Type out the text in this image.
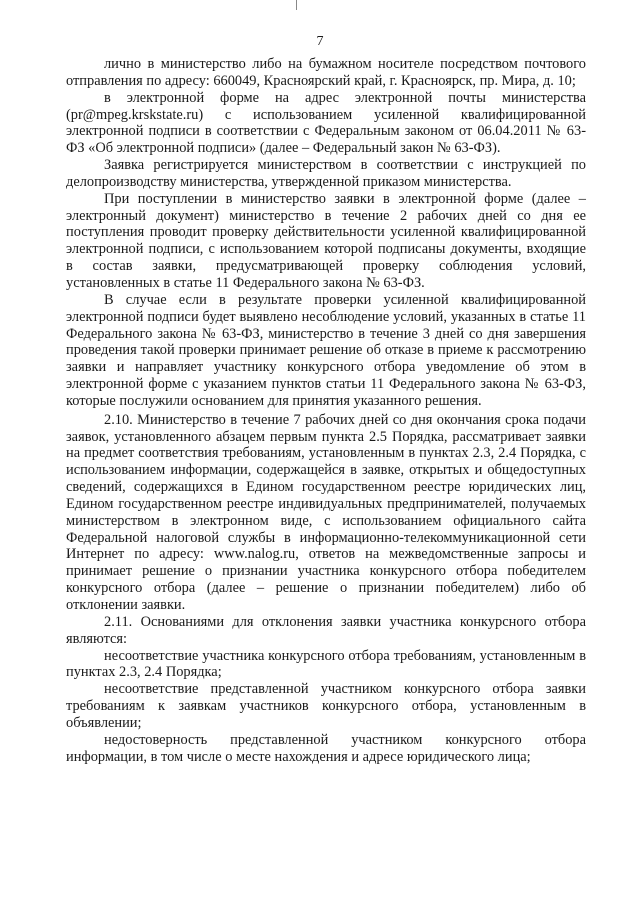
7

лично в министерство либо на бумажном носителе посредством почтового отправления по адресу: 660049, Красноярский край, г. Красноярск, пр. Мира, д. 10;

в электронной форме на адрес электронной почты министерства (pr@mpeg.krskstate.ru) с использованием усиленной квалифицированной электронной подписи в соответствии с Федеральным законом от 06.04.2011 № 63-ФЗ «Об электронной подписи» (далее – Федеральный закон № 63-ФЗ).

Заявка регистрируется министерством в соответствии с инструкцией по делопроизводству министерства, утвержденной приказом министерства.

При поступлении в министерство заявки в электронной форме (далее – электронный документ) министерство в течение 2 рабочих дней со дня ее поступления проводит проверку действительности усиленной квалифицированной электронной подписи, с использованием которой подписаны документы, входящие в состав заявки, предусматривающей проверку соблюдения условий, установленных в статье 11 Федерального закона № 63-ФЗ.

В случае если в результате проверки усиленной квалифицированной электронной подписи будет выявлено несоблюдение условий, указанных в статье 11 Федерального закона № 63-ФЗ, министерство в течение 3 дней со дня завершения проведения такой проверки принимает решение об отказе в приеме к рассмотрению заявки и направляет участнику конкурсного отбора уведомление об этом в электронной форме с указанием пунктов статьи 11 Федерального закона № 63-ФЗ, которые послужили основанием для принятия указанного решения.

2.10. Министерство в течение 7 рабочих дней со дня окончания срока подачи заявок, установленного абзацем первым пункта 2.5 Порядка, рассматривает заявки на предмет соответствия требованиям, установленным в пунктах 2.3, 2.4 Порядка, с использованием информации, содержащейся в заявке, открытых и общедоступных сведений, содержащихся в Едином государственном реестре юридических лиц, Едином государственном реестре индивидуальных предпринимателей, получаемых министерством в электронном виде, с использованием официального сайта Федеральной налоговой службы в информационно-телекоммуникационной сети Интернет по адресу: www.nalog.ru, ответов на межведомственные запросы и принимает решение о признании участника конкурсного отбора победителем конкурсного отбора (далее – решение о признании победителем) либо об отклонении заявки.

2.11. Основаниями для отклонения заявки участника конкурсного отбора являются:

несоответствие участника конкурсного отбора требованиям, установленным в пунктах 2.3, 2.4 Порядка;

несоответствие представленной участником конкурсного отбора заявки требованиям к заявкам участников конкурсного отбора, установленным в объявлении;

недостоверность представленной участником конкурсного отбора информации, в том числе о месте нахождения и адресе юридического лица;
